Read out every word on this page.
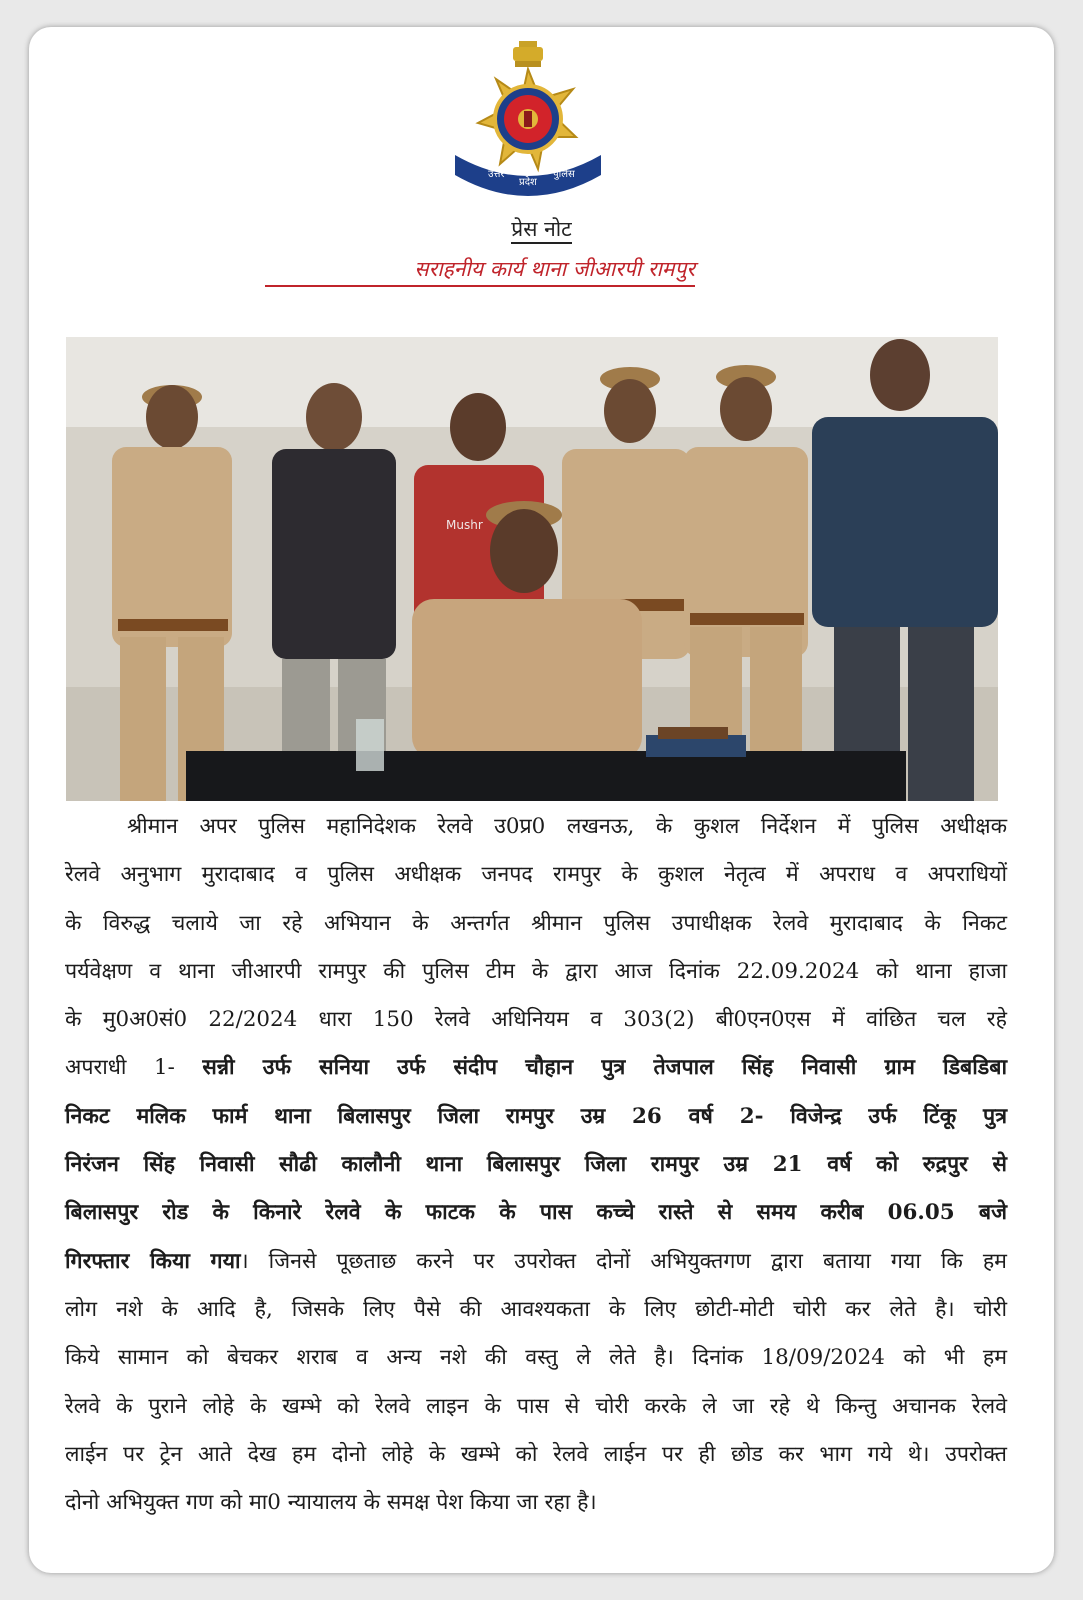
उत्तर
प्रदेश
पुलिस
प्रेस नोट
सराहनीय कार्य थाना जीआरपी रामपुर
Mushr
श्रीमान अपर पुलिस महानिदेशक रेलवे उ0प्र0 लखनऊ, के कुशल निर्देशन में पुलिस अधीक्षक
रेलवे अनुभाग मुरादाबाद व पुलिस अधीक्षक जनपद रामपुर के कुशल नेतृत्व में अपराध व अपराधियों
के विरुद्ध चलाये जा रहे अभियान के अन्तर्गत श्रीमान पुलिस उपाधीक्षक रेलवे मुरादाबाद के निकट
पर्यवेक्षण व थाना जीआरपी रामपुर की पुलिस टीम के द्वारा आज दिनांक 22.09.2024 को थाना हाजा
के मु0अ0सं0 22/2024 धारा 150 रेलवे अधिनियम व 303(2) बी0एन0एस में वांछित चल रहे
अपराधी 1- सन्नी उर्फ सनिया उर्फ संदीप चौहान पुत्र तेजपाल सिंह निवासी ग्राम डिबडिबा
निकट मलिक फार्म थाना बिलासपुर जिला रामपुर उम्र 26 वर्ष 2- विजेन्द्र उर्फ टिंकू पुत्र
निरंजन सिंह निवासी सौढी कालौनी थाना बिलासपुर जिला रामपुर उम्र 21 वर्ष को रुद्रपुर से
बिलासपुर रोड के किनारे रेलवे के फाटक के पास कच्चे रास्ते से समय करीब 06.05 बजे
गिरफ्तार किया गया। जिनसे पूछताछ करने पर उपरोक्त दोनों अभियुक्तगण द्वारा बताया गया कि हम
लोग नशे के आदि है, जिसके लिए पैसे की आवश्यकता के लिए छोटी-मोटी चोरी कर लेते है। चोरी
किये सामान को बेचकर शराब व अन्य नशे की वस्तु ले लेते है। दिनांक 18/09/2024 को भी हम
रेलवे के पुराने लोहे के खम्भे को रेलवे लाइन के पास से चोरी करके ले जा रहे थे किन्तु अचानक रेलवे
लाईन पर ट्रेन आते देख हम दोनो लोहे के खम्भे को रेलवे लाईन पर ही छोड कर भाग गये थे। उपरोक्त
दोनो अभियुक्त गण को मा0 न्यायालय के समक्ष पेश किया जा रहा है।
